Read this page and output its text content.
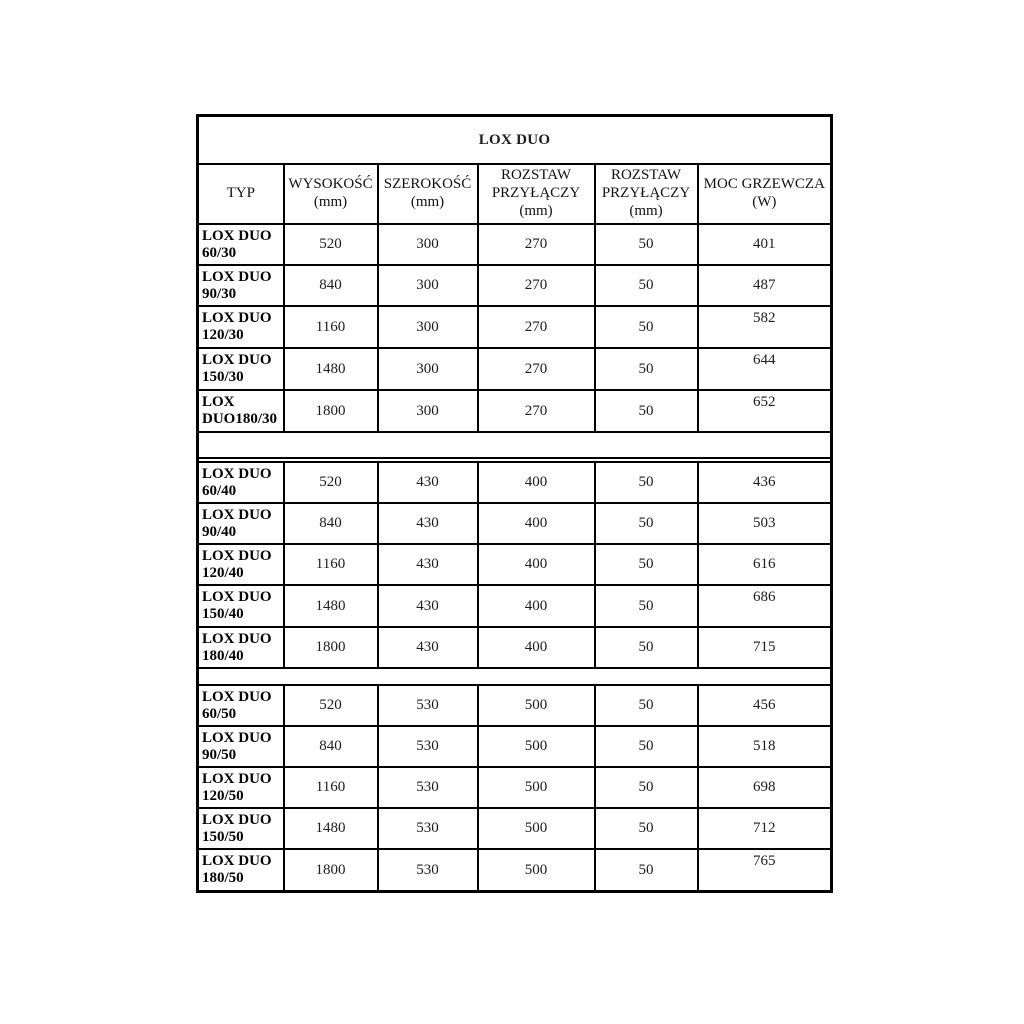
LOX DUO					
TYP	WYSOKOŚĆ (mm)	SZEROKOŚĆ (mm)	ROZSTAW PRZYŁĄCZY (mm)	ROZSTAW PRZYŁĄCZY (mm)	MOC GRZEWCZA (W)
LOX DUO 60/30	520	300	270	50	401
LOX DUO 90/30	840	300	270	50	487
LOX DUO 120/30	1160	300	270	50	582
LOX DUO 150/30	1480	300	270	50	644
LOX DUO180/30	1800	300	270	50	652

LOX DUO 60/40	520	430	400	50	436
LOX DUO 90/40	840	430	400	50	503
LOX DUO 120/40	1160	430	400	50	616
LOX DUO 150/40	1480	430	400	50	686
LOX DUO 180/40	1800	430	400	50	715

LOX DUO 60/50	520	530	500	50	456
LOX DUO 90/50	840	530	500	50	518
LOX DUO 120/50	1160	530	500	50	698
LOX DUO 150/50	1480	530	500	50	712
LOX DUO 180/50	1800	530	500	50	765
